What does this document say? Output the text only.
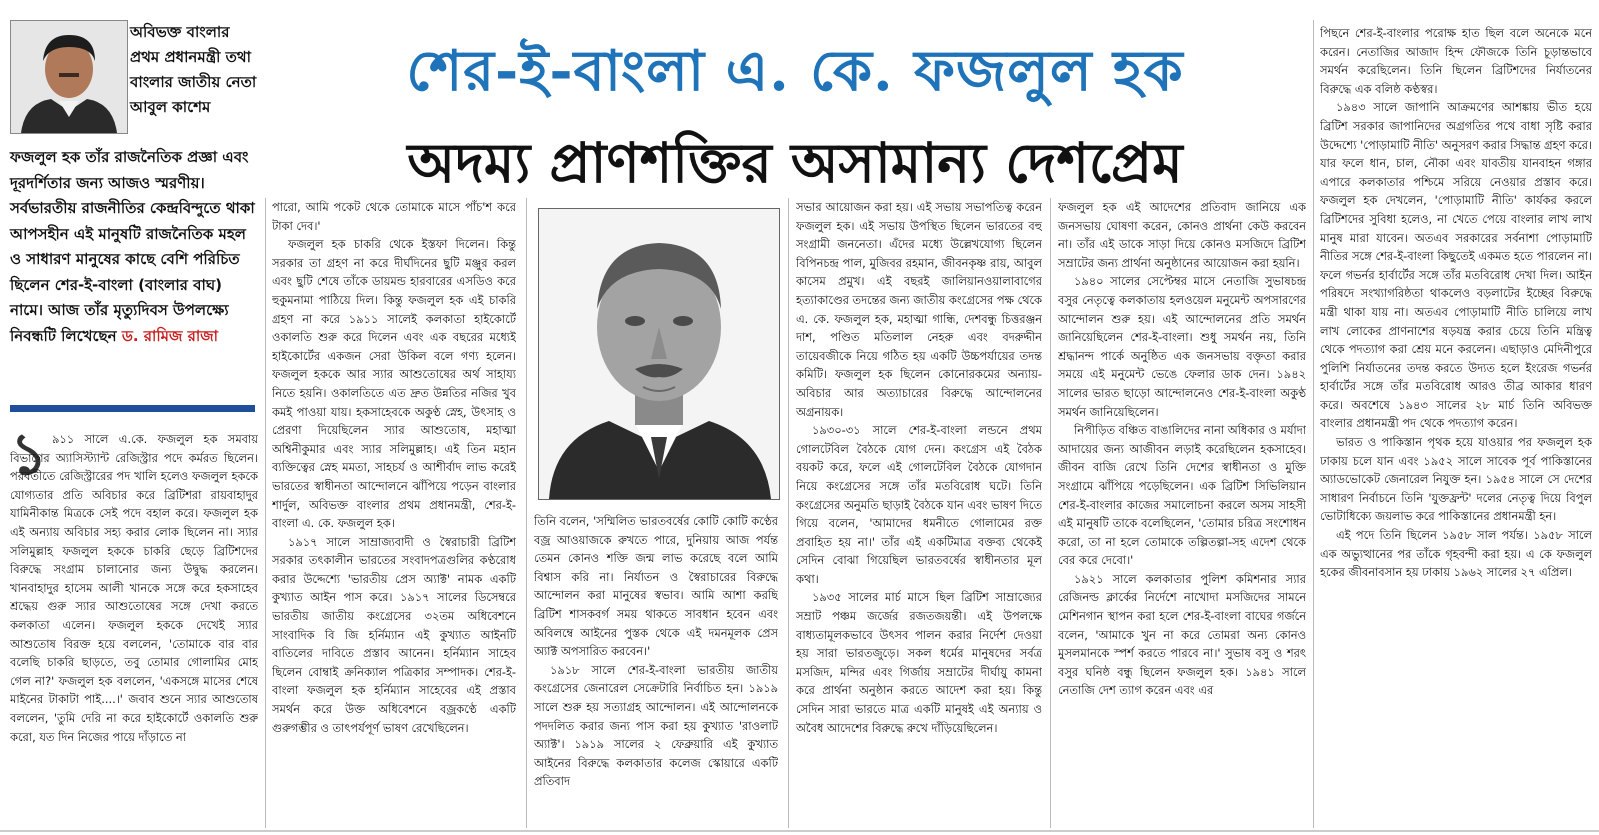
শের-ই-বাংলা এ. কে. ফজলুল হক
অদম্য প্রাণশক্তির অসামান্য দেশপ্রেম
অবিভক্ত বাংলার প্রথম প্রধানমন্ত্রী তথা বাংলার জাতীয় নেতা আবুল কাশেম
ফজলুল হক তাঁর রাজনৈতিক প্রজ্ঞা এবং দূরদর্শিতার জন্য আজও স্মরণীয়। সর্বভারতীয় রাজনীতির কেন্দ্রবিন্দুতে থাকা আপসহীন এই মানুষটি রাজনৈতিক মহল ও সাধারণ মানুষের কাছে বেশি পরিচিত ছিলেন শের-ই-বাংলা (বাংলার বাঘ) নামে। আজ তাঁর মৃত্যুদিবস উপলক্ষ্যে নিবন্ধটি লিখেছেন ড. রামিজ রাজা
১ ৯১১ সালে এ.কে. ফজলুল হক সমবায় বিভাগের অ্যাসিস্ট্যান্ট রেজিস্ট্রার পদে কর্মরত ছিলেন। পরবর্তীতে রেজিস্ট্রারের পদ খালি হলেও ফজলুল হককে যোগ্যতার প্রতি অবিচার করে ব্রিটিশরা রায়বাহাদুর যামিনীকান্ত মিত্রকে সেই পদে বহাল করে। ফজলুল হক এই অন্যায় অবিচার সহ্য করার লোক ছিলেন না। স্যার সলিমুল্লাহ ফজলুল হককে চাকরি ছেড়ে ব্রিটিশদের বিরুদ্ধে সংগ্রাম চালানোর জন্য উদ্বুদ্ধ করলেন। খানবাহাদুর হাসেম আলী খানকে সঙ্গে করে হকসাহেব শ্রদ্ধেয় গুরু স্যার আশুতোষের সঙ্গে দেখা করতে কলকাতা এলেন। ফজলুল হককে দেখেই স্যার আশুতোষ বিরক্ত হয়ে বললেন, 'তোমাকে বার বার বলেছি চাকরি ছাড়তে, তবু তোমার গোলামির মোহ গেল না?' ফজলুল হক বললেন, 'একসঙ্গে মাসের শেষে মাইনের টাকাটা পাই....।' জবাব শুনে স্যার আশুতোষ বললেন, 'তুমি দেরি না করে হাইকোর্টে ওকালতি শুরু করো, যত দিন নিজের পায়ে দাঁড়াতে না

পারো, আমি পকেট থেকে তোমাকে মাসে পাঁচ'শ করে টাকা দেব।'

ফজলুল হক চাকরি থেকে ইস্তফা দিলেন। কিন্তু সরকার তা গ্রহণ না করে দীর্ঘদিনের ছুটি মঞ্জুর করল এবং ছুটি শেষে তাঁকে ডায়মন্ড হারবারের এসডিও করে হুকুমনামা পাঠিয়ে দিল। কিন্তু ফজলুল হক এই চাকরি গ্রহণ না করে ১৯১১ সালেই কলকাতা হাইকোর্টে ওকালতি শুরু করে দিলেন এবং এক বছরের মধ্যেই হাইকোর্টের একজন সেরা উকিল বলে গণ্য হলেন। ফজলুল হককে আর স্যার আশুতোষের অর্থ সাহায্য নিতে হয়নি। ওকালতিতে এত দ্রুত উন্নতির নজির খুব কমই পাওয়া যায়। হকসাহেবকে অকুণ্ঠ স্নেহ, উৎসাহ ও প্রেরণা দিয়েছিলেন স্যার আশুতোষ, মহাত্মা অশ্বিনীকুমার এবং স্যার সলিমুল্লাহ। এই তিন মহান ব্যক্তিত্বের স্নেহ মমতা, সাহচর্য ও আশীর্বাদ লাভ করেই ভারতের স্বাধীনতা আন্দোলনে ঝাঁপিয়ে পড়েন বাংলার শার্দুল, অবিভক্ত বাংলার প্রথম প্রধানমন্ত্রী, শের-ই-বাংলা এ. কে. ফজলুল হক।

১৯১৭ সালে সাম্রাজ্যবাদী ও স্বৈরাচারী ব্রিটিশ সরকার তৎকালীন ভারতের সংবাদপত্রগুলির কণ্ঠরোধ করার উদ্দেশ্যে 'ভারতীয় প্রেস অ্যাক্ট' নামক একটি কুখ্যাত আইন পাস করে। ১৯১৭ সালের ডিসেম্বরে ভারতীয় জাতীয় কংগ্রেসের ৩২তম অধিবেশনে সাংবাদিক বি জি হর্নিম্যান এই কুখ্যাত আইনটি বাতিলের দাবিতে প্রস্তাব আনেন। হর্নিম্যান সাহেব ছিলেন বোম্বাই ক্রনিক্যাল পত্রিকার সম্পাদক। শের-ই-বাংলা ফজলুল হক হর্নিম্যান সাহেবের এই প্রস্তাব সমর্থন করে উক্ত অধিবেশনে বজ্রকণ্ঠে একটি গুরুগম্ভীর ও তাৎপর্যপূর্ণ ভাষণ রেখেছিলেন।

তিনি বলেন, 'সম্মিলিত ভারতবর্ষের কোটি কোটি কণ্ঠের বজ্র আওয়াজকে রুখতে পারে, দুনিয়ায় আজ পর্যন্ত তেমন কোনও শক্তি জন্ম লাভ করেছে বলে আমি বিশ্বাস করি না। নির্যাতন ও স্বৈরাচারের বিরুদ্ধে আন্দোলন করা মানুষের স্বভাব। আমি আশা করছি ব্রিটিশ শাসকবর্গ সময় থাকতে সাবধান হবেন এবং অবিলম্বে আইনের পুস্তক থেকে এই দমনমূলক প্রেস অ্যাক্ট অপসারিত করবেন।'

১৯১৮ সালে শের-ই-বাংলা ভারতীয় জাতীয় কংগ্রেসের জেনারেল সেক্রেটারি নির্বাচিত হন। ১৯১৯ সালে শুরু হয় সত্যাগ্রহ আন্দোলন। এই আন্দোলনকে পদদলিত করার জন্য পাস করা হয় কুখ্যাত 'রাওলাট অ্যাক্ট'। ১৯১৯ সালের ২ ফেব্রুয়ারি এই কুখ্যাত আইনের বিরুদ্ধে কলকাতার কলেজ স্কোয়ারে একটি প্রতিবাদ

সভার আয়োজন করা হয়। এই সভায় সভাপতিত্ব করেন ফজলুল হক। এই সভায় উপস্থিত ছিলেন ভারতের বহু সংগ্রামী জননেতা। এঁদের মধ্যে উল্লেখযোগ্য ছিলেন বিপিনচন্দ্র পাল, মুজিবর রহমান, জীবনকৃষ্ণ রায়, আবুল কাসেম প্রমুখ। এই বছরই জালিয়ানওয়ালাবাগের হত্যাকাণ্ডের তদন্তের জন্য জাতীয় কংগ্রেসের পক্ষ থেকে এ. কে. ফজলুল হক, মহাত্মা গান্ধি, দেশবন্ধু চিত্তরঞ্জন দাশ, পণ্ডিত মতিলাল নেহরু এবং বদরুদ্দীন তায়েবজীকে নিয়ে গঠিত হয় একটি উচ্চপর্যায়ের তদন্ত কমিটি। ফজলুল হক ছিলেন কোনোরকমের অন্যায়-অবিচার আর অত্যাচারের বিরুদ্ধে আন্দোলনের অগ্রনায়ক।

১৯৩০-৩১ সালে শের-ই-বাংলা লন্ডনে প্রথম গোলটেবিল বৈঠকে যোগ দেন। কংগ্রেস এই বৈঠক বয়কট করে, ফলে এই গোলটেবিল বৈঠকে যোগদান নিয়ে কংগ্রেসের সঙ্গে তাঁর মতবিরোধ ঘটে। তিনি কংগ্রেসের অনুমতি ছাড়াই বৈঠকে যান এবং ভাষণ দিতে গিয়ে বলেন, 'আমাদের ধমনীতে গোলামের রক্ত প্রবাহিত হয় না।' তাঁর এই একটিমাত্র বক্তব্য থেকেই সেদিন বোঝা গিয়েছিল ভারতবর্ষের স্বাধীনতার মূল কথা।

১৯৩৫ সালের মার্চ মাসে ছিল ব্রিটিশ সাম্রাজ্যের সম্রাট পঞ্চম জর্জের রজতজয়ন্তী। এই উপলক্ষে বাধ্যতামূলকভাবে উৎসব পালন করার নির্দেশ দেওয়া হয় সারা ভারতজুড়ে। সকল ধর্মের মানুষদের সর্বত্র মসজিদ, মন্দির এবং গির্জায় সম্রাটের দীর্ঘায়ু কামনা করে প্রার্থনা অনুষ্ঠান করতে আদেশ করা হয়। কিন্তু সেদিন সারা ভারতে মাত্র একটি মানুষই এই অন্যায় ও অবৈধ আদেশের বিরুদ্ধে রুখে দাঁড়িয়েছিলেন।

ফজলুল হক এই আদেশের প্রতিবাদ জানিয়ে এক জনসভায় ঘোষণা করেন, কোনও প্রার্থনা কেউ করবেন না। তাঁর এই ডাকে সাড়া দিয়ে কোনও মসজিদে ব্রিটিশ সম্রাটের জন্য প্রার্থনা অনুষ্ঠানের আয়োজন করা হয়নি।

১৯৪০ সালের সেপ্টেম্বর মাসে নেতাজি সুভাষচন্দ্র বসুর নেতৃত্বে কলকাতায় হলওয়েল মনুমেন্ট অপসারণের আন্দোলন শুরু হয়। এই আন্দোলনের প্রতি সমর্থন জানিয়েছিলেন শের-ই-বাংলা। শুধু সমর্থন নয়, তিনি শ্রদ্ধানন্দ পার্কে অনুষ্ঠিত এক জনসভায় বক্তৃতা করার সময়ে এই মনুমেন্ট ভেঙে ফেলার ডাক দেন। ১৯৪২ সালের ভারত ছাড়ো আন্দোলনেও শের-ই-বাংলা অকুণ্ঠ সমর্থন জানিয়েছিলেন।

নিপীড়িত বঞ্চিত বাঙালিদের নানা অধিকার ও মর্যাদা আদায়ের জন্য আজীবন লড়াই করেছিলেন হকসাহেব। জীবন বাজি রেখে তিনি দেশের স্বাধীনতা ও মুক্তি সংগ্রামে ঝাঁপিয়ে পড়েছিলেন। এক ব্রিটিশ সিভিলিয়ান শের-ই-বাংলার কাজের সমালোচনা করলে অসম সাহসী এই মানুষটি তাকে বলেছিলেন, 'তোমার চরিত্র সংশোধন করো, তা না হলে তোমাকে তল্পিতল্পা-সহ এদেশ থেকে বের করে দেবো।'

১৯২১ সালে কলকাতার পুলিশ কমিশনার স্যার রেজিনল্ড ক্লার্কের নির্দেশে নাখোদা মসজিদের সামনে মেশিনগান স্থাপন করা হলে শের-ই-বাংলা বাঘের গর্জনে বলেন, 'আমাকে খুন না করে তোমরা অন্য কোনও মুসলমানকে স্পর্শ করতে পারবে না।' সুভাষ বসু ও শরৎ বসুর ঘনিষ্ঠ বন্ধু ছিলেন ফজলুল হক। ১৯৪১ সালে নেতাজি দেশ ত্যাগ করেন এবং এর

পিছনে শের-ই-বাংলার পরোক্ষ হাত ছিল বলে অনেকে মনে করেন। নেতাজির আজাদ হিন্দ ফৌজকে তিনি চূড়ান্তভাবে সমর্থন করেছিলেন। তিনি ছিলেন ব্রিটিশদের নির্যাতনের বিরুদ্ধে এক বলিষ্ঠ কণ্ঠস্বর।

১৯৪৩ সালে জাপানি আক্রমণের আশঙ্কায় ভীত হয়ে ব্রিটিশ সরকার জাপানিদের অগ্রগতির পথে বাধা সৃষ্টি করার উদ্দেশ্যে 'পোড়ামাটি নীতি' অনুসরণ করার সিদ্ধান্ত গ্রহণ করে। যার ফলে ধান, চাল, নৌকা এবং যাবতীয় যানবাহন গঙ্গার এপারে কলকাতার পশ্চিমে সরিয়ে নেওয়ার প্রস্তাব করে। ফজলুল হক দেখলেন, 'পোড়ামাটি নীতি' কার্যকর করলে ব্রিটিশদের সুবিধা হলেও, না খেতে পেয়ে বাংলার লাখ লাখ মানুষ মারা যাবেন। অতএব সরকারের সর্বনাশা পোড়ামাটি নীতির সঙ্গে শের-ই-বাংলা কিছুতেই একমত হতে পারলেন না। ফলে গভর্নর হার্বার্টের সঙ্গে তাঁর মতবিরোধ দেখা দিল। আইন পরিষদে সংখ্যাগরিষ্ঠতা থাকলেও বড়লাটের ইচ্ছের বিরুদ্ধে মন্ত্রী থাকা যায় না। অতএব পোড়ামাটি নীতি চালিয়ে লাখ লাখ লোকের প্রাণনাশের ষড়যন্ত্র করার চেয়ে তিনি মন্ত্রিত্ব থেকে পদত্যাগ করা শ্রেয় মনে করলেন। এছাড়াও মেদিনীপুরে পুলিশি নির্যাতনের তদন্ত করতে উদ্যত হলে ইংরেজ গভর্নর হার্বার্টের সঙ্গে তাঁর মতবিরোধ আরও তীব্র আকার ধারণ করে। অবশেষে ১৯৪৩ সালের ২৮ মার্চ তিনি অবিভক্ত বাংলার প্রধানমন্ত্রী পদ থেকে পদত্যাগ করেন।

ভারত ও পাকিস্তান পৃথক হয়ে যাওয়ার পর ফজলুল হক ঢাকায় চলে যান এবং ১৯৫২ সালে সাবেক পূর্ব পাকিস্তানের অ্যাডভোকেট জেনারেল নিযুক্ত হন। ১৯৫৪ সালে সে দেশের সাধারণ নির্বাচনে তিনি 'যুক্তফ্রন্ট' দলের নেতৃত্ব দিয়ে বিপুল ভোটাধিক্যে জয়লাভ করে পাকিস্তানের প্রধানমন্ত্রী হন।

এই পদে তিনি ছিলেন ১৯৫৮ সাল পর্যন্ত। ১৯৫৮ সালে এক অভ্যুত্থানের পর তাঁকে গৃহবন্দী করা হয়। এ কে ফজলুল হকের জীবনাবসান হয় ঢাকায় ১৯৬২ সালের ২৭ এপ্রিল।
